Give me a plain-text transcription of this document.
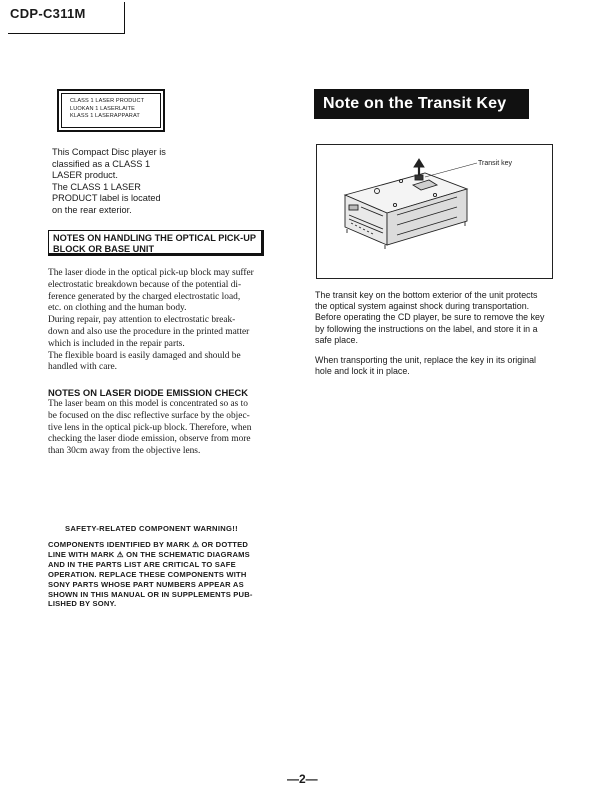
CDP-C311M
CLASS 1 LASER PRODUCT
LUOKAN 1 LASERLAITE
KLASS 1 LASERAPPARAT
This Compact Disc player is
classified as a CLASS 1
LASER product.
The CLASS 1 LASER
PRODUCT label is located
on the rear exterior.
NOTES ON HANDLING THE OPTICAL PICK-UP
BLOCK OR BASE UNIT
The laser diode in the optical pick-up block may suffer
electrostatic breakdown because of the potential di-
ference generated by the charged electrostatic load,
etc. on clothing and the human body.
During repair, pay attention to electrostatic break-
down and also use the procedure in the printed matter
which is included in the repair parts.
The flexible board is easily damaged and should be
handled with care.
NOTES ON LASER DIODE EMISSION CHECK
The laser beam on this model is concentrated so as to
be focused on the disc reflective surface by the objec-
tive lens in the optical pick-up block. Therefore, when
checking the laser diode emission, observe from more
than 30cm away from the objective lens.
SAFETY-RELATED COMPONENT WARNING!!
COMPONENTS IDENTIFIED BY MARK ⚠ OR DOTTED
LINE WITH MARK ⚠ ON THE SCHEMATIC DIAGRAMS
AND IN THE PARTS LIST ARE CRITICAL TO SAFE
OPERATION. REPLACE THESE COMPONENTS WITH
SONY PARTS WHOSE PART NUMBERS APPEAR AS
SHOWN IN THIS MANUAL OR IN SUPPLEMENTS PUB-
LISHED BY SONY.
Note on the Transit Key
Transit key
The transit key on the bottom exterior of the unit protects
the optical system against shock during transportation.
Before operating the CD player, be sure to remove the key
by following the instructions on the label, and store it in a
safe place.
When transporting the unit, replace the key in its original
hole and lock it in place.
—2—
